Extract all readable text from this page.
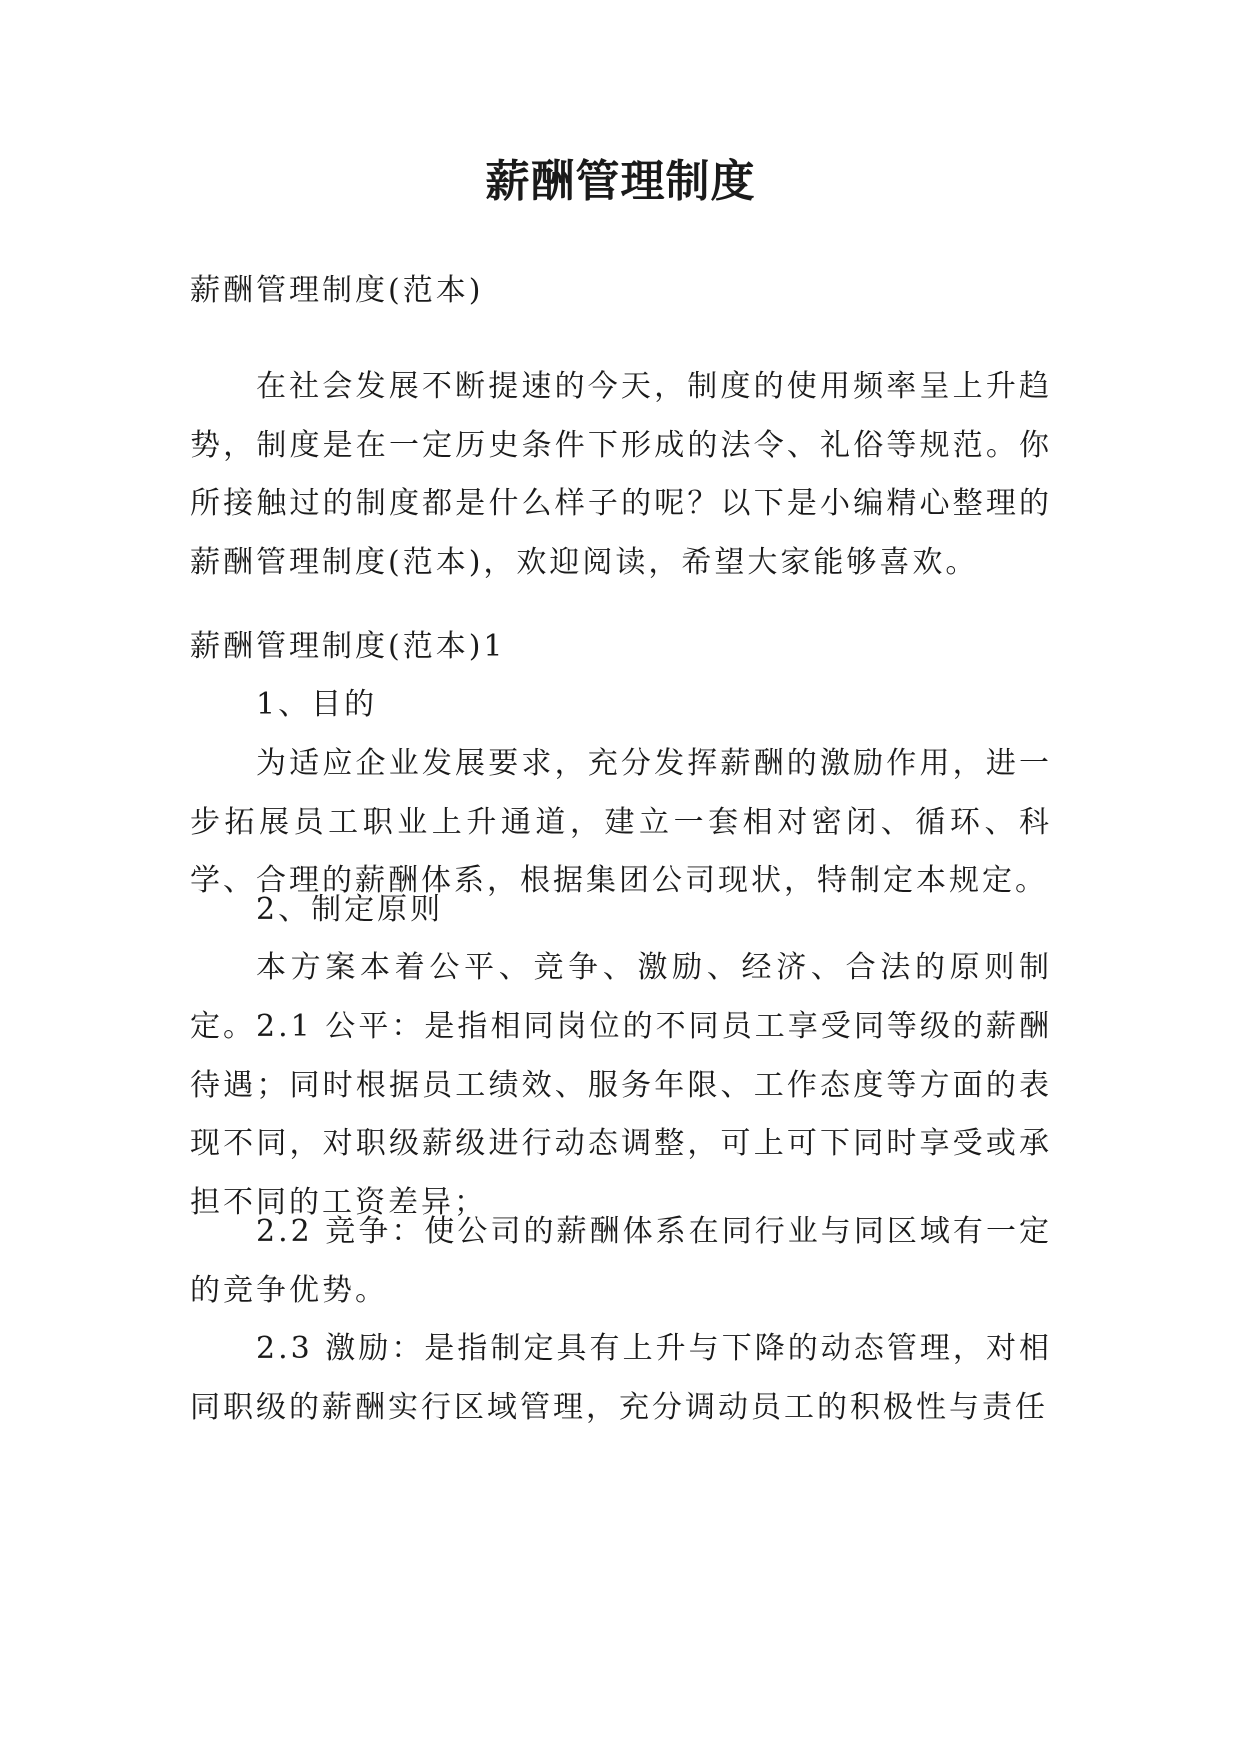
薪酬管理制度

薪酬管理制度(范本)

在社会发展不断提速的今天，制度的使用频率呈上升趋势，制度是在一定历史条件下形成的法令、礼俗等规范。你所接触过的制度都是什么样子的呢？以下是小编精心整理的薪酬管理制度(范本)，欢迎阅读，希望大家能够喜欢。

薪酬管理制度(范本)1

1、目的

为适应企业发展要求，充分发挥薪酬的激励作用，进一步拓展员工职业上升通道，建立一套相对密闭、循环、科学、合理的薪酬体系，根据集团公司现状，特制定本规定。

2、制定原则

本方案本着公平、竞争、激励、经济、合法的原则制定。 2.1 公平：是指相同岗位的不同员工享受同等级的薪酬待遇；同时根据员工绩效、服务年限、工作态度等方面的表现不同，对职级薪级进行动态调整，可上可下同时享受或承担不同的工资差异；

2.2 竞争：使公司的薪酬体系在同行业与同区域有一定的竞争优势。

2.3 激励：是指制定具有上升与下降的动态管理，对相同职级的薪酬实行区域管理，充分调动员工的积极性与责任
